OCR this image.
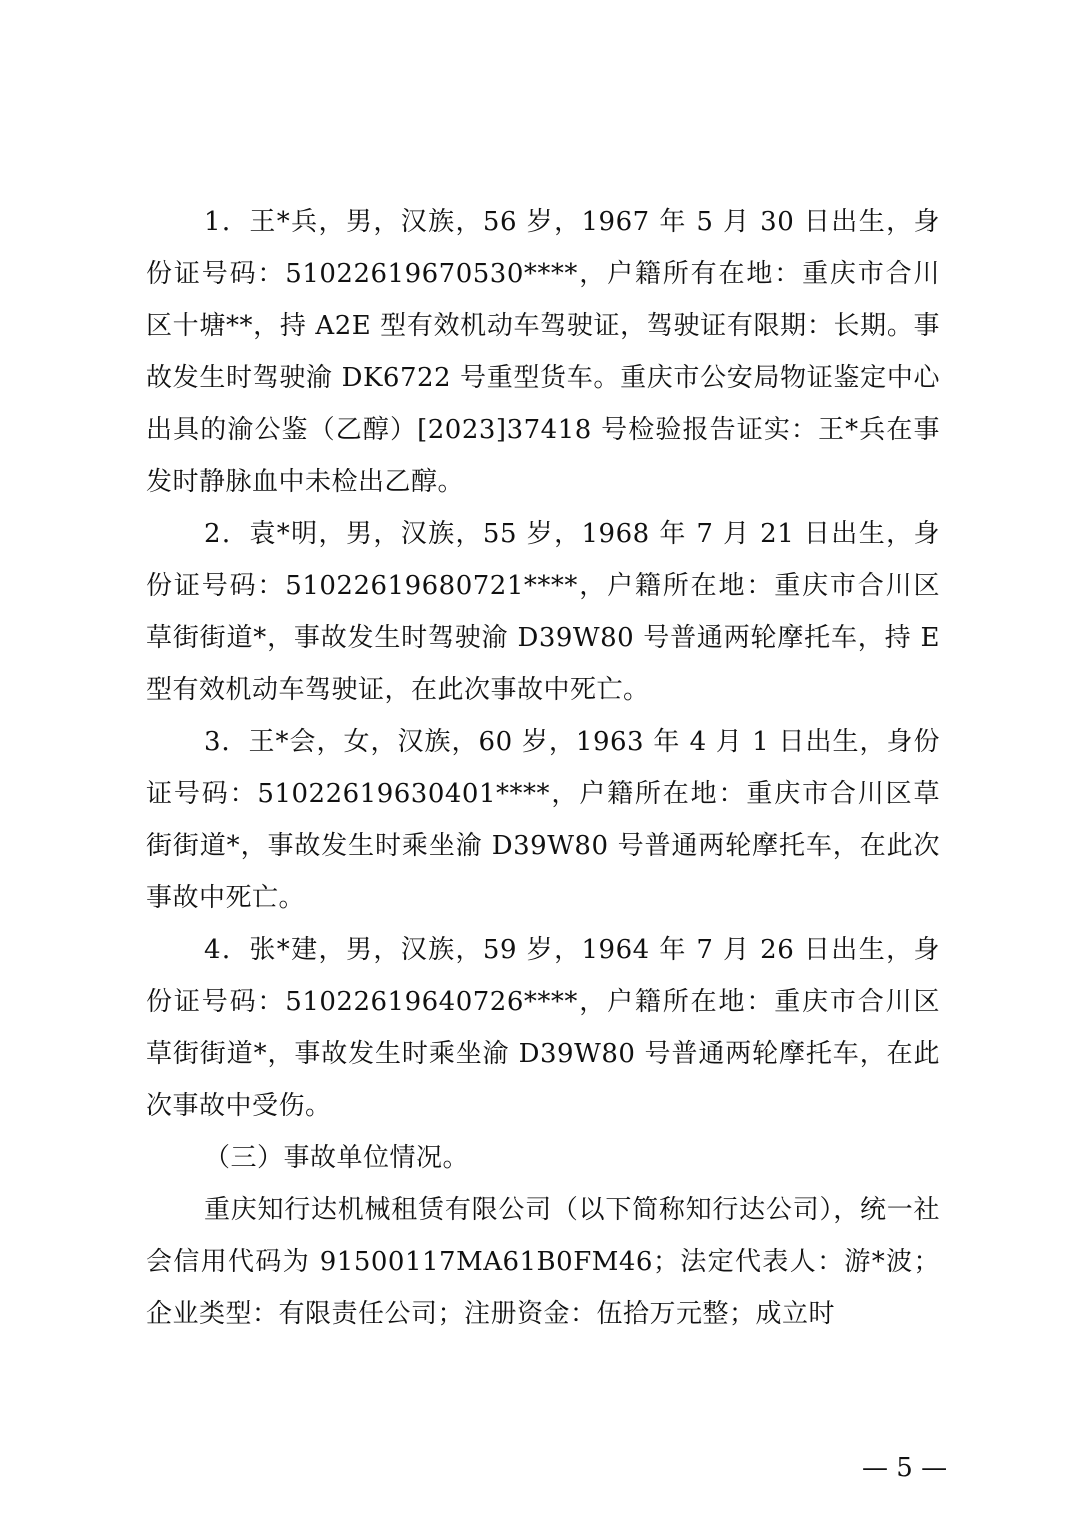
1．王*兵，男，汉族，56 岁，1967 年 5 月 30 日出生，身份证号码：51022619670530****，户籍所有在地：重庆市合川区十塘**，持 A2E 型有效机动车驾驶证，驾驶证有限期：长期。事故发生时驾驶渝 DK6722 号重型货车。重庆市公安局物证鉴定中心出具的渝公鉴（乙醇）[2023]37418 号检验报告证实：王*兵在事发时静脉血中未检出乙醇。

2．袁*明，男，汉族，55 岁，1968 年 7 月 21 日出生，身份证号码：51022619680721****，户籍所在地：重庆市合川区草街街道*，事故发生时驾驶渝 D39W80 号普通两轮摩托车，持 E 型有效机动车驾驶证，在此次事故中死亡。

3．王*会，女，汉族，60 岁，1963 年 4 月 1 日出生，身份证号码：51022619630401****，户籍所在地：重庆市合川区草街街道*，事故发生时乘坐渝 D39W80 号普通两轮摩托车，在此次事故中死亡。

4．张*建，男，汉族，59 岁，1964 年 7 月 26 日出生，身份证号码：51022619640726****，户籍所在地：重庆市合川区草街街道*，事故发生时乘坐渝 D39W80 号普通两轮摩托车，在此次事故中受伤。

（三）事故单位情况。

重庆知行达机械租赁有限公司（以下简称知行达公司），统一社会信用代码为 91500117MA61B0FM46；法定代表人：游*波；企业类型：有限责任公司；注册资金：伍拾万元整；成立时

— 5 —
